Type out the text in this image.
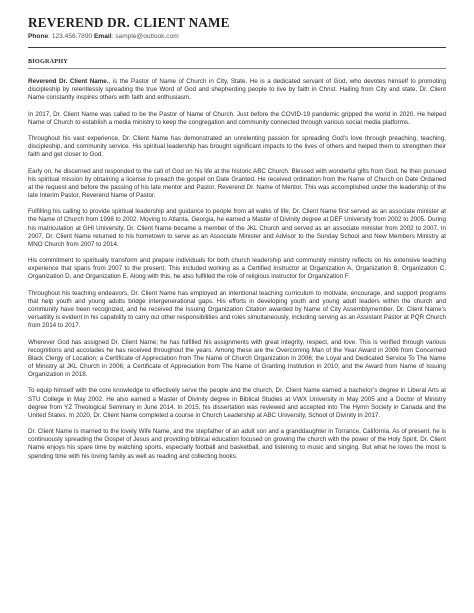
REVEREND DR. CLIENT NAME
Phone: 123.456.7890 Email: sample@outlook.com
BIOGRAPHY

Reverend Dr. Client Name., is the Pastor of Name of Church in City, State. He is a dedicated servant of God, who devotes himself to promoting discipleship by relentlessly spreading the true Word of God and shepherding people to live by faith in Christ. Hailing from City and state, Dr. Client Name constantly inspires others with faith and enthusiasm.

In 2017, Dr. Client Name was called to be the Pastor of Name of Church. Just before the COVID-19 pandemic gripped the world in 2020. He helped Name of Church to establish a media ministry to keep the congregation and community connected through various social media platforms.

Throughout his vast experience, Dr. Client Name has demonstrated an unrelenting passion for spreading God’s love through preaching, teaching, discipleship, and community service. His spiritual leadership has brought significant impacts to the lives of others and helped them to strengthen their faith and get closer to God.

Early on, he discerned and responded to the call of God on his life at the historic ABC Church. Blessed with wonderful gifts from God, he then pursued his spiritual mission by obtaining a license to preach the gospel on Date Granted. He received ordination from the Name of Church on Date Ordained at the request and before the passing of his late mentor and Pastor, Reverend Dr. Name of Mentor. This was accomplished under the leadership of the late Interim Pastor, Reverend Name of Pastor.

Fulfilling his calling to provide spiritual leadership and guidance to people from all walks of life; Dr. Client Name first served as an associate minister at the Name of Church from 1998 to 2002. Moving to Atlanta, Georgia, he earned a Master of Divinity degree at DEF University from 2002 to 2005. During his matriculation at GHI University, Dr. Client Name became a member of the JKL Church and served as an associate minister from 2002 to 2007. In 2007, Dr. Client Name returned to his hometown to serve as an Associate Minister and Advisor to the Sunday School and New Members Ministry at MNO Church from 2007 to 2014.

His commitment to spiritually transform and prepare individuals for both church leadership and community ministry reflects on his extensive teaching experience that spans from 2007 to the present. This included working as a Certified Instructor at Organization A, Organization B, Organization C, Organization D, and Organization E. Along with this, he also fulfilled the role of religious instructor for Organization F.

Throughout his teaching endeavors, Dr. Client Name has employed an intentional teaching curriculum to motivate, encourage, and support programs that help youth and young adults bridge intergenerational gaps. His efforts in developing youth and young adult leaders within the church and community have been recognized, and he received the Issuing Organization Citation awarded by Name of City Assemblymember. Dr. Client Name’s versatility is evident in his capability to carry out other responsibilities and roles simultaneously, including serving as an Assistant Pastor at PQR Church from 2014 to 2017.

Wherever God has assigned Dr. Client Name; he has fulfilled his assignments with great integrity, respect, and love. This is verified through various recognitions and accolades he has received throughout the years. Among these are the Overcoming Man of the Year Award in 2006 from Concerned Black Clergy of Location; a Certificate of Appreciation from The Name of Church Organization in 2006; the Loyal and Dedicated Service To The Name of Ministry at JKL Church in 2006; a Certificate of Appreciation from The Name of Granting Institution in 2010; and the Award from Name of Issuing Organization in 2018.

To equip himself with the core knowledge to effectively serve the people and the church, Dr. Client Name earned a bachelor’s degree in Liberal Arts at STU College in May 2002. He also earned a Master of Divinity degree in Biblical Studies at VWX University in May 2005 and a Doctor of Ministry degree from YZ Theological Seminary in June 2014. In 2015, his dissertation was reviewed and accepted into The Hymn Society in Canada and the United States. In 2020, Dr. Client Name completed a course in Church Leadership at ABC University, School of Divinity in 2017.

Dr. Client Name is married to the lovely Wife Name, and the stepfather of an adult son and a granddaughter in Torrance, California. As of present, he is continuously spreading the Gospel of Jesus and providing biblical education focused on growing the church with the power of the Holy Spirit. Dr. Client Name enjoys his spare time by watching sports, especially football and basketball, and listening to music and singing. But what he loves the most is spending time with his loving family as well as reading and collecting books.
